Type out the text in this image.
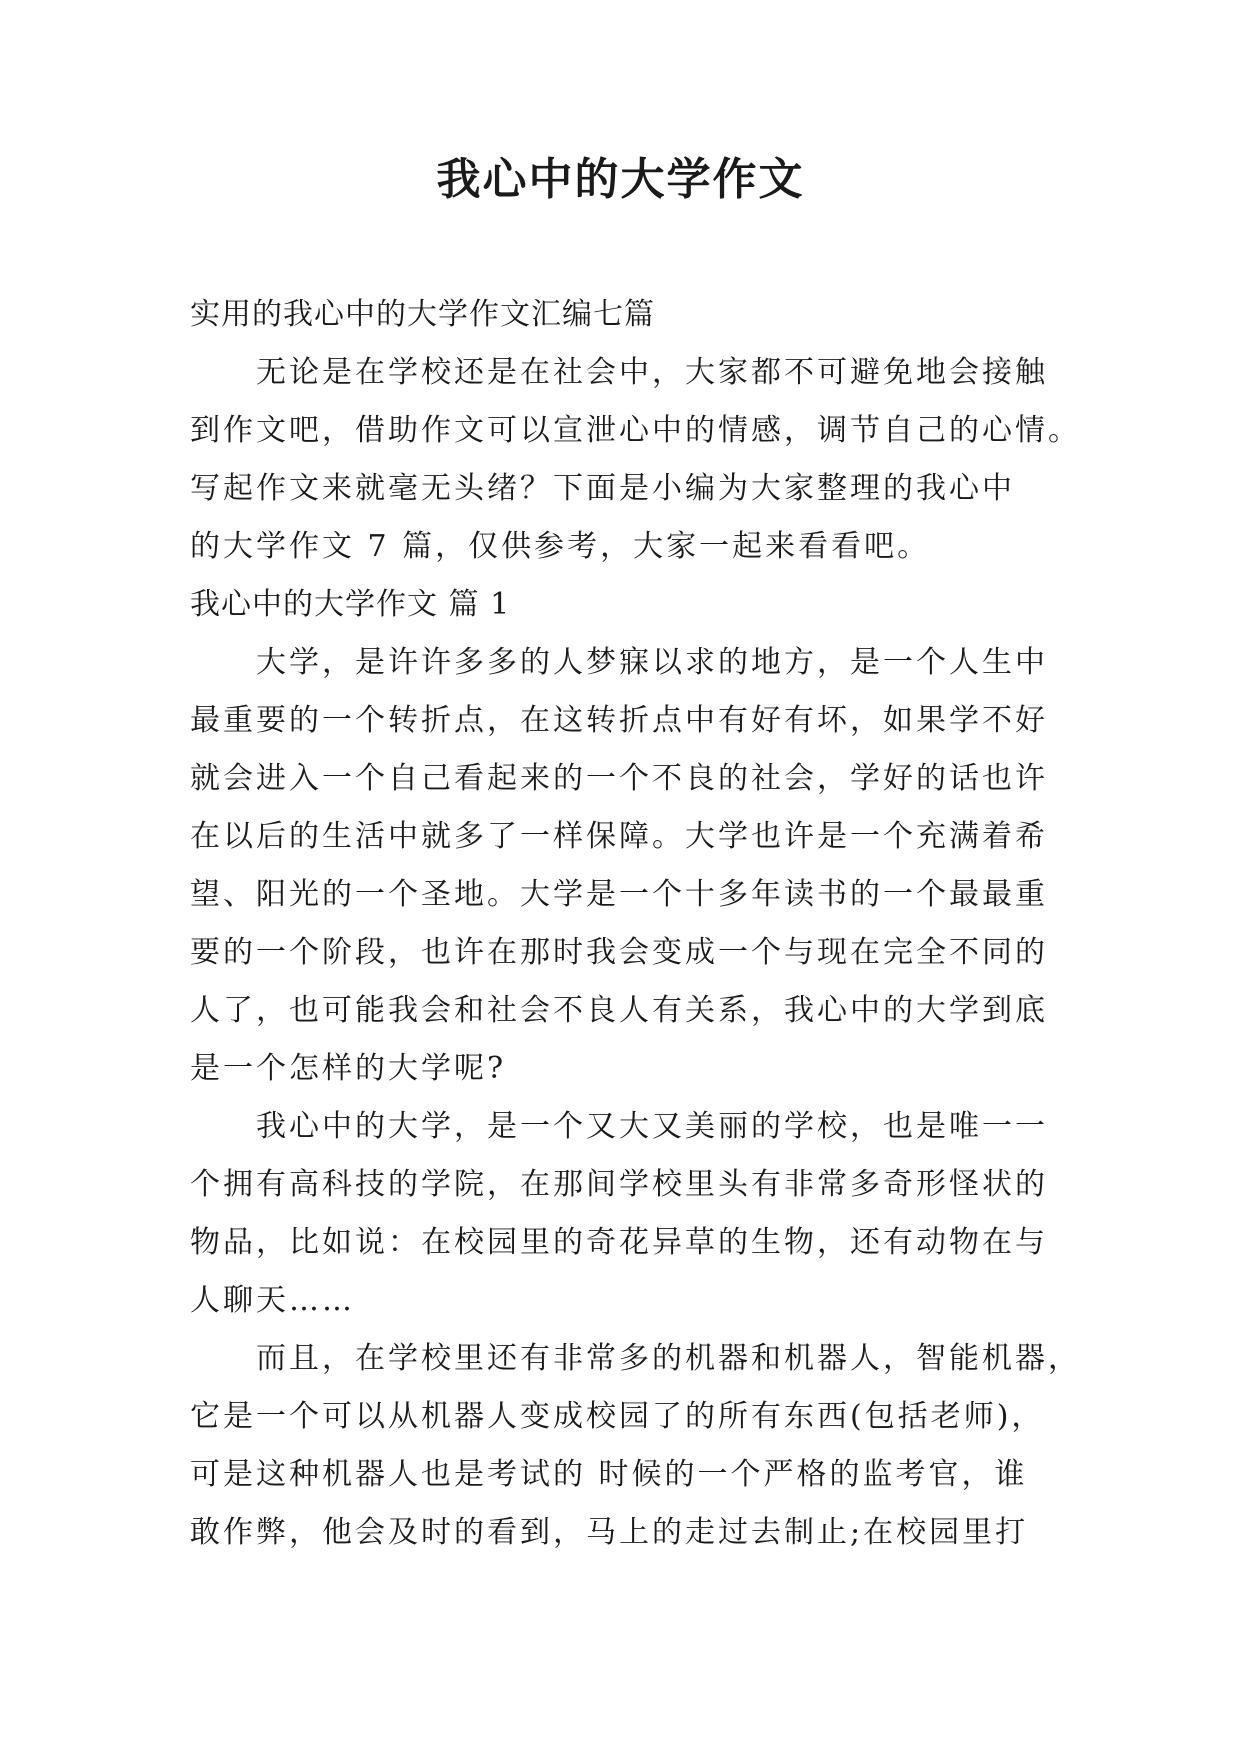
我心中的大学作文
实用的我心中的大学作文汇编七篇
无论是在学校还是在社会中，大家都不可避免地会接触
到作文吧，借助作文可以宣泄心中的情感，调节自己的心情。
写起作文来就毫无头绪？下面是小编为大家整理的我心中
的大学作文 7 篇，仅供参考，大家一起来看看吧。
我心中的大学作文 篇 1
大学，是许许多多的人梦寐以求的地方，是一个人生中
最重要的一个转折点，在这转折点中有好有坏，如果学不好
就会进入一个自己看起来的一个不良的社会，学好的话也许
在以后的生活中就多了一样保障。大学也许是一个充满着希
望、阳光的一个圣地。大学是一个十多年读书的一个最最重
要的一个阶段，也许在那时我会变成一个与现在完全不同的
人了，也可能我会和社会不良人有关系，我心中的大学到底
是一个怎样的大学呢?
我心中的大学，是一个又大又美丽的学校，也是唯一一
个拥有高科技的学院，在那间学校里头有非常多奇形怪状的
物品，比如说：在校园里的奇花异草的生物，还有动物在与
人聊天……
而且，在学校里还有非常多的机器和机器人，智能机器，
它是一个可以从机器人变成校园了的所有东西(包括老师)，
可是这种机器人也是考试的 时候的一个严格的监考官，谁
敢作弊，他会及时的看到，马上的走过去制止;在校园里打
